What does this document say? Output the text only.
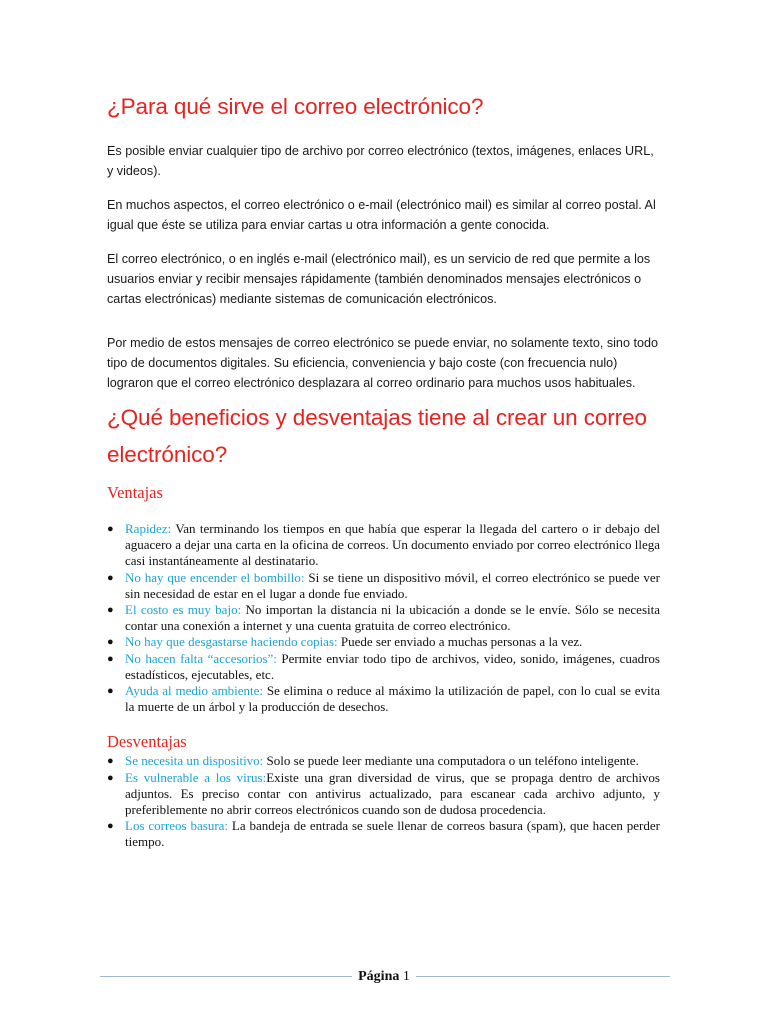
¿Para qué sirve el correo electrónico?

Es posible enviar cualquier tipo de archivo por correo electrónico (textos, imágenes, enlaces URL, y videos).

En muchos aspectos, el correo electrónico o e-mail (electrónico mail) es similar al correo postal. Al igual que éste se utiliza para enviar cartas u otra información a gente conocida.

El correo electrónico, o en inglés e-mail (electrónico mail), es un servicio de red que permite a los usuarios enviar y recibir mensajes rápidamente (también denominados mensajes electrónicos o cartas electrónicas) mediante sistemas de comunicación electrónicos.

Por medio de estos mensajes de correo electrónico se puede enviar, no solamente texto, sino todo tipo de documentos digitales. Su eficiencia, conveniencia y bajo coste (con frecuencia nulo) lograron que el correo electrónico desplazara al correo ordinario para muchos usos habituales.

¿Qué beneficios y desventajas tiene al crear un correo electrónico?
Ventajas
● Rapidez: Van terminando los tiempos en que había que esperar la llegada del cartero o ir debajo del aguacero a dejar una carta en la oficina de correos. Un documento enviado por correo electrónico llega casi instantáneamente al destinatario.
● No hay que encender el bombillo: Si se tiene un dispositivo móvil, el correo electrónico se puede ver sin necesidad de estar en el lugar a donde fue enviado.
● El costo es muy bajo: No importan la distancia ni la ubicación a donde se le envíe. Sólo se necesita contar una conexión a internet y una cuenta gratuita de correo electrónico.
● No hay que desgastarse haciendo copias: Puede ser enviado a muchas personas a la vez.
● No hacen falta “accesorios”: Permite enviar todo tipo de archivos, video, sonido, imágenes, cuadros estadísticos, ejecutables, etc.
● Ayuda al medio ambiente: Se elimina o reduce al máximo la utilización de papel, con lo cual se evita la muerte de un árbol y la producción de desechos.
Desventajas
● Se necesita un dispositivo: Solo se puede leer mediante una computadora o un teléfono inteligente.
● Es vulnerable a los virus:Existe una gran diversidad de virus, que se propaga dentro de archivos adjuntos. Es preciso contar con antivirus actualizado, para escanear cada archivo adjunto, y preferiblemente no abrir correos electrónicos cuando son de dudosa procedencia.
● Los correos basura: La bandeja de entrada se suele llenar de correos basura (spam), que hacen perder tiempo.
Página 1
